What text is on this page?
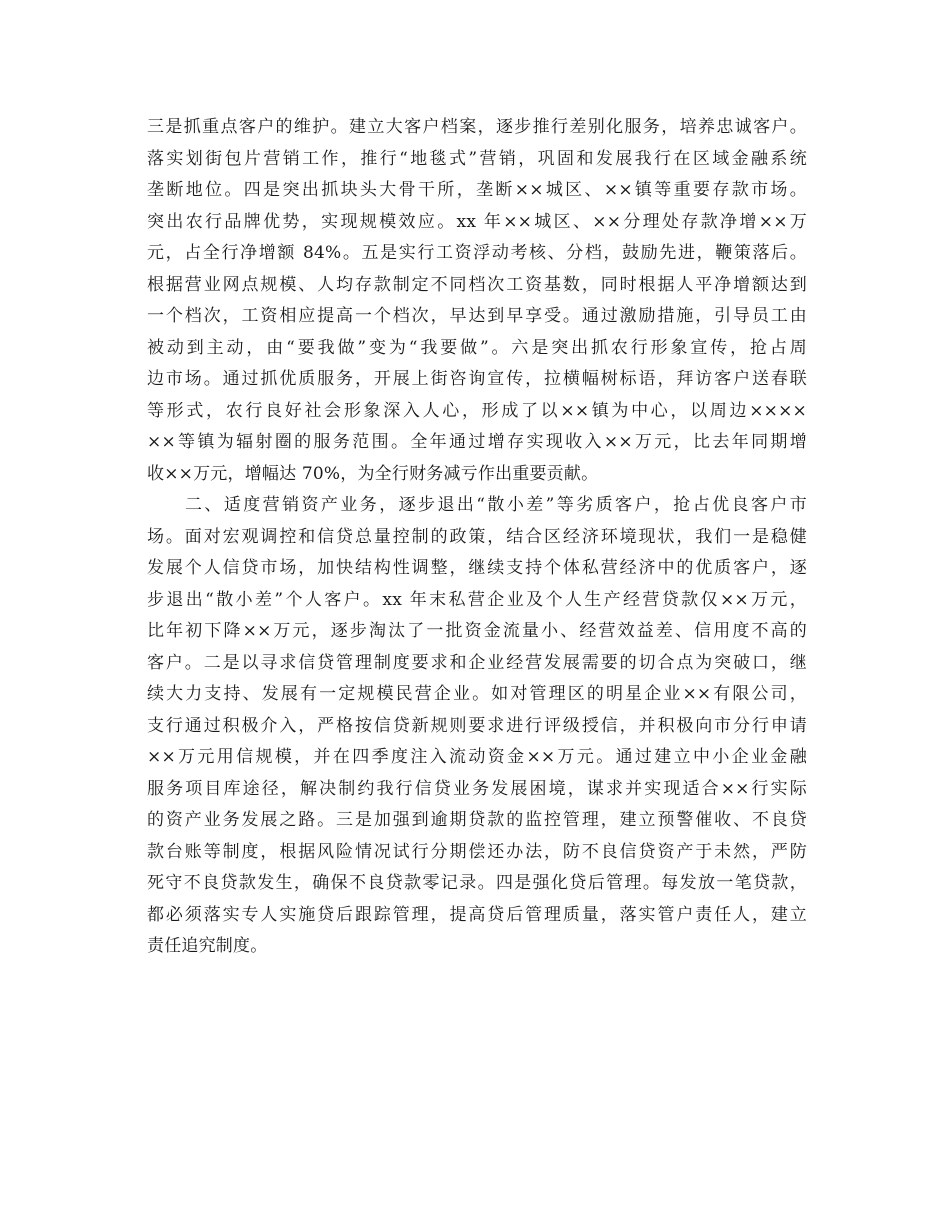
三是抓重点客户的维护。建立大客户档案，逐步推行差别化服务，培养忠诚客户。
落实划街包片营销工作，推行“地毯式”营销，巩固和发展我行在区域金融系统
垄断地位。四是突出抓块头大骨干所，垄断××城区、××镇等重要存款市场。
突出农行品牌优势，实现规模效应。xx 年××城区、××分理处存款净增××万
元，占全行净增额 84%。五是实行工资浮动考核、分档，鼓励先进，鞭策落后。
根据营业网点规模、人均存款制定不同档次工资基数，同时根据人平净增额达到
一个档次，工资相应提高一个档次，早达到早享受。通过激励措施，引导员工由
被动到主动，由“要我做”变为“我要做”。六是突出抓农行形象宣传，抢占周
边市场。通过抓优质服务，开展上街咨询宣传，拉横幅树标语，拜访客户送春联
等形式，农行良好社会形象深入人心，形成了以××镇为中心，以周边××××
××等镇为辐射圈的服务范围。全年通过增存实现收入××万元，比去年同期增
收××万元，增幅达 70%，为全行财务减亏作出重要贡献。
二、适度营销资产业务，逐步退出“散小差”等劣质客户，抢占优良客户市
场。面对宏观调控和信贷总量控制的政策，结合区经济环境现状，我们一是稳健
发展个人信贷市场，加快结构性调整，继续支持个体私营经济中的优质客户，逐
步退出“散小差”个人客户。xx 年末私营企业及个人生产经营贷款仅××万元，
比年初下降××万元，逐步淘汰了一批资金流量小、经营效益差、信用度不高的
客户。二是以寻求信贷管理制度要求和企业经营发展需要的切合点为突破口，继
续大力支持、发展有一定规模民营企业。如对管理区的明星企业××有限公司，
支行通过积极介入，严格按信贷新规则要求进行评级授信，并积极向市分行申请
××万元用信规模，并在四季度注入流动资金××万元。通过建立中小企业金融
服务项目库途径，解决制约我行信贷业务发展困境，谋求并实现适合××行实际
的资产业务发展之路。三是加强到逾期贷款的监控管理，建立预警催收、不良贷
款台账等制度，根据风险情况试行分期偿还办法，防不良信贷资产于未然，严防
死守不良贷款发生，确保不良贷款零记录。四是强化贷后管理。每发放一笔贷款，
都必须落实专人实施贷后跟踪管理，提高贷后管理质量，落实管户责任人，建立
责任追究制度。
